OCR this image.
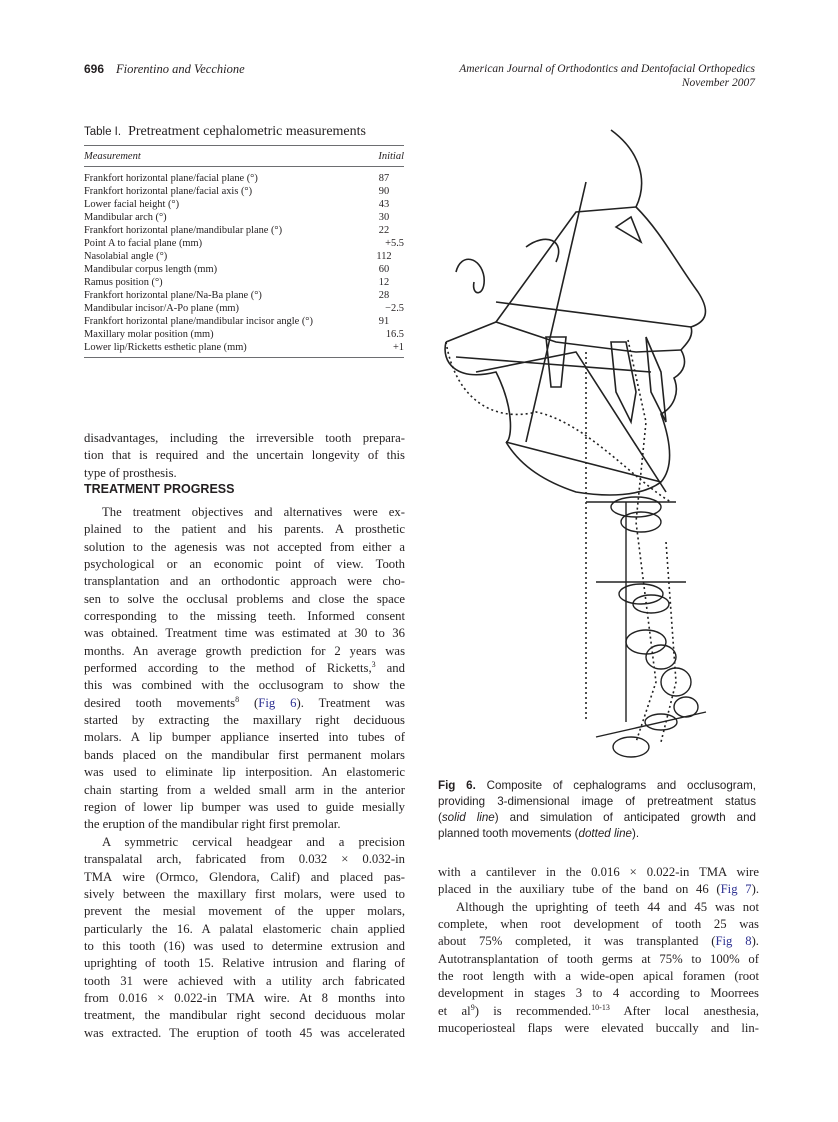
696 Fiorentino and Vecchione	American Journal of Orthodontics and Dentofacial Orthopedics
November 2007
Table I. Pretreatment cephalometric measurements
Measurement	Initial
Frankfort horizontal plane/facial plane (°)	87
Frankfort horizontal plane/facial axis (°)	90
Lower facial height (°)	43
Mandibular arch (°)	30
Frankfort horizontal plane/mandibular plane (°)	22
Point A to facial plane (mm)	+5.5
Nasolabial angle (°)	112
Mandibular corpus length (mm)	60
Ramus position (°)	12
Frankfort horizontal plane/Na-Ba plane (°)	28
Mandibular incisor/A-Po plane (mm)	−2.5
Frankfort horizontal plane/mandibular incisor angle (°)	91
Maxillary molar position (mm)	16.5
Lower lip/Ricketts esthetic plane (mm)	+1
disadvantages, including the irreversible tooth prepara-
tion that is required and the uncertain longevity of this
type of prosthesis.
TREATMENT PROGRESS
The treatment objectives and alternatives were ex-
plained to the patient and his parents. A prosthetic
solution to the agenesis was not accepted from either a
psychological or an economic point of view. Tooth
transplantation and an orthodontic approach were cho-
sen to solve the occlusal problems and close the space
corresponding to the missing teeth. Informed consent
was obtained. Treatment time was estimated at 30 to 36
months. An average growth prediction for 2 years was
performed according to the method of Ricketts,$^3$ and
this was combined with the occlusogram to show the
desired tooth movements$^8$ (Fig 6). Treatment was
started by extracting the maxillary right deciduous
molars. A lip bumper appliance inserted into tubes of
bands placed on the mandibular first permanent molars
was used to eliminate lip interposition. An elastomeric
chain starting from a welded small arm in the anterior
region of lower lip bumper was used to guide mesially
the eruption of the mandibular right first premolar.
A symmetric cervical headgear and a precision
transpalatal arch, fabricated from 0.032 × 0.032-in
TMA wire (Ormco, Glendora, Calif) and placed pas-
sively between the maxillary first molars, were used to
prevent the mesial movement of the upper molars,
particularly the 16. A palatal elastomeric chain applied
to this tooth (16) was used to determine extrusion and
uprighting of tooth 15. Relative intrusion and flaring of
tooth 31 were achieved with a utility arch fabricated
from 0.016 × 0.022-in TMA wire. At 8 months into
treatment, the mandibular right second deciduous molar
was extracted. The eruption of tooth 45 was accelerated
Fig 6. Composite of cephalograms and occlusogram,
providing 3-dimensional image of pretreatment status
(solid line) and simulation of anticipated growth and
planned tooth movements (dotted line).
with a cantilever in the 0.016 × 0.022-in TMA wire
placed in the auxiliary tube of the band on 46 (Fig 7).
Although the uprighting of teeth 44 and 45 was not
complete, when root development of tooth 25 was
about 75% completed, it was transplanted (Fig 8).
Autotransplantation of tooth germs at 75% to 100% of
the root length with a wide-open apical foramen (root
development in stages 3 to 4 according to Moorrees
et $al^9$) is recommended.$^{10-13}$ After local anesthesia,
mucoperiosteal flaps were elevated buccally and lin-
